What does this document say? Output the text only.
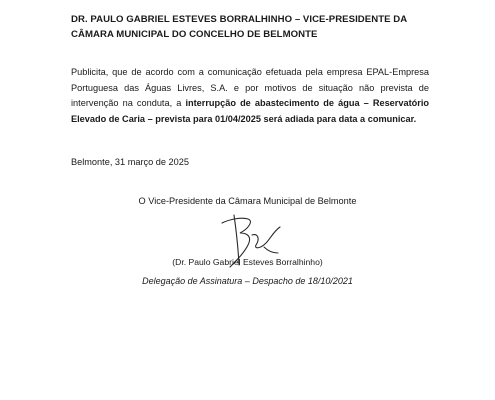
DR. PAULO GABRIEL ESTEVES BORRALHINHO – VICE-PRESIDENTE DA CÂMARA MUNICIPAL DO CONCELHO DE BELMONTE
Publicita, que de acordo com a comunicação efetuada pela empresa EPAL-Empresa Portuguesa das Águas Livres, S.A. e por motivos de situação não prevista de intervenção na conduta, a interrupção de abastecimento de água – Reservatório Elevado de Caria – prevista para 01/04/2025 será adiada para data a comunicar.
Belmonte, 31 março de 2025
O Vice-Presidente da Câmara Municipal de Belmonte
(Dr. Paulo Gabriel Esteves Borralhinho)
Delegação de Assinatura – Despacho de 18/10/2021
